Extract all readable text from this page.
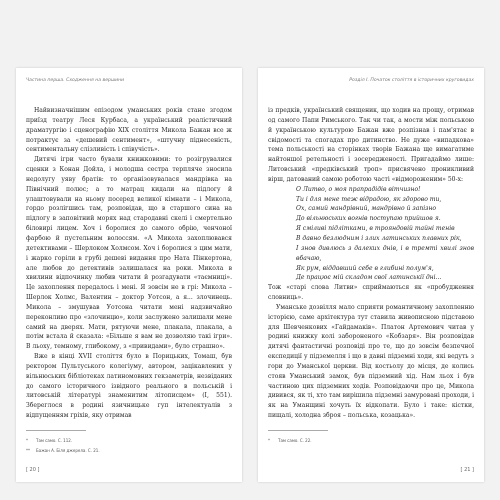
Частина перша. Сходження на вершини

Найвизначнішим епізодом уманських років стане згодом приїзд театру Леся Курбаса, а український реалістичний драматургію і сценографію ХІХ століття Микола Бажан все ж потрактує за «дешевий сентимент», «штучну піднесеність, сентиментальну слізливість і співучість».

Дитячі ігри часто бували книжковими: то розігрувалися сценки з Конан Дойла, і молодша сестра терпляче зносила недолугу уяву братів: то організовувалася мандрівка на Північний полюс; а то матрац кидали на підлогу й улаштовували на ньому посеред великої кімнати – і Микола, гордо розлігшись там, розповідав, що в старшого сина на підлогу в заповітний морях над стародавні скелі і смертельно біловирі лицем. Хоч і боролися до самого обрію, ченчоної фарбою й пустельним волоссям. «А Микола захоплювався детективами – Шерлоком Холмсом. Хоч і боролися з цим мати, і жарко горіли в грубі дешеві видання про Ната Пінкертона, але любов до детективів залишалася на роки. Микола в хвилини відпочинку любив читати й розгадувати «таємниці». Це захоплення передалось і мені. Я зовсім не в грі: Микола – Шерлок Холмс, Валентин – доктор Уотсон, а я... злочинець. Микола – змушував Уотсона читати мені надзвичайно переконливо про «злочинцю», коли заслужено залишали мене самий на дверях. Мати, рятуючи мене, плакала, плакала, а потім встала й сказала: «Більше я вам не дозволяю такі ігри». В льоху, темному, глибокому, з «привидами», було страшно».

Вже в кінці XVII століття було в Порицьких, Томаш, був ректором Пультуського колегіуму, автором, зацікавлених у вільнюських бібліотеках латиномовних гекзаметрів, незвіданих до самого історичного ізвідного реального в польській і литовській літературі знаменитим літописцем» (І, 551). Збереглося в родині язичницьке гуп інтелектуалів з відпущенням гріхів, яку отримав

*	Там само. С. 112.
**	Бажан А. Біля джерела. С. 21.
[ 20 ]
Розділ І. Початок століття в історичних круговидах

із предків, український священик, що ходив на прощу, отримав од самого Папи Римського. Так чи так, а мости між польською й українською культурою Бажан вже розпізнав і пам'ятає в свідомості та спогадах про дитинство. Не дуже «випадкова» тема польськості на сторінках творів Бажана ще вимагатиме найтоншої ретельності і зосередженості. Пригадаймо лише: Литовський «предківський троп» присвячено проникливий вірш, датований самою роботою часті «відмороженим» 50-х:

О Литво, о моя прапрадідів вітчизно!
Ти і для мене теж відрадою, як здорово ти,
Ох, самий мандрівний, мандрівно й запізно
До вільнюських вогнів поступаю прийшов я.
Я сміливі підлітками, в трояндовій тайні тенів
В давно безлюдним і злих латинських плавних рік,
І знов дивлюсь з далеких днів, і в тремті хвилі знов вбачаю,
Як рум, віддавший себе в глибині полум'я,
Де працює мій складом свої латинськії дні...

Тож «старі слова Литви» сприймаються як «пробудження словниць».

Уманське дозвілля мало сприяти романтичному захопленню історією, саме архітектура тут ставила живописною підставою для Шевченкових «Гайдамаків». Платон Артемович читав у родині книжку колі забороненого «Кобзаря». Він розповідав дитячі фантастичні розповіді про те, що до зовсім безпечної експедиції у підземелля і що в давні підземні ходи, які ведуть з гори до Уманської церкви. Від костьолу до місця, де колись стояв Уманський замок, був підземний хід. Нам льох і був частиною цих підземних ходів. Розповідаючи про це, Микола дивився, як ті, хто там вирішила підземні замуровані проходи, і як на Уманщині хочуть їх відкопати. Було і таке: кістки, пищалі, холодна зброя – польська, козацька».

*	Там само. С. 22.
[ 21 ]
